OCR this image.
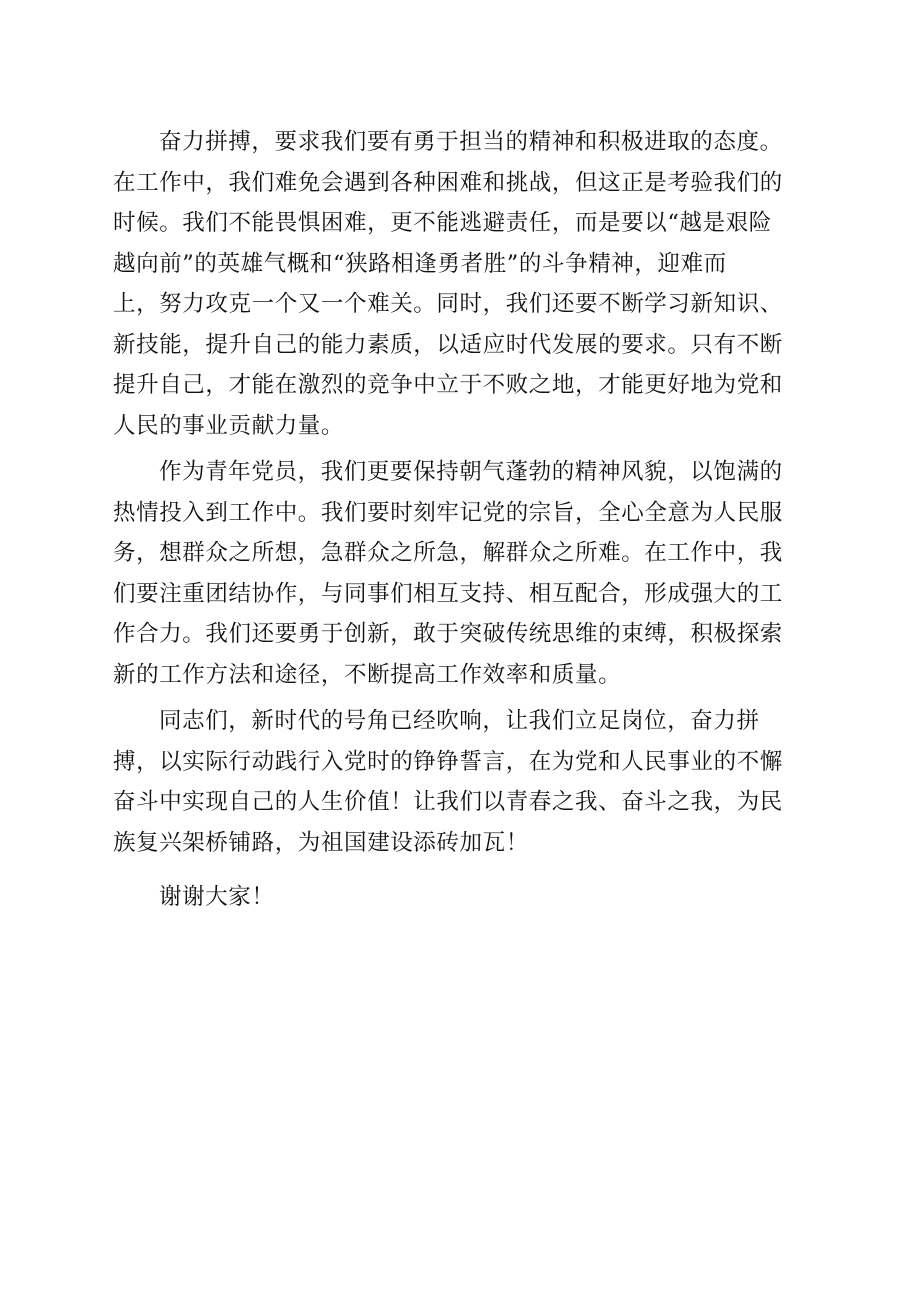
奋力拼搏，要求我们要有勇于担当的精神和积极进取的态度。
在工作中，我们难免会遇到各种困难和挑战，但这正是考验我们的
时候。我们不能畏惧困难，更不能逃避责任，而是要以“越是艰险
越向前”的英雄气概和“狭路相逢勇者胜”的斗争精神，迎难而
上，努力攻克一个又一个难关。同时，我们还要不断学习新知识、
新技能，提升自己的能力素质，以适应时代发展的要求。只有不断
提升自己，才能在激烈的竞争中立于不败之地，才能更好地为党和
人民的事业贡献力量。
作为青年党员，我们更要保持朝气蓬勃的精神风貌，以饱满的
热情投入到工作中。我们要时刻牢记党的宗旨，全心全意为人民服
务，想群众之所想，急群众之所急，解群众之所难。在工作中，我
们要注重团结协作，与同事们相互支持、相互配合，形成强大的工
作合力。我们还要勇于创新，敢于突破传统思维的束缚，积极探索
新的工作方法和途径，不断提高工作效率和质量。
同志们，新时代的号角已经吹响，让我们立足岗位，奋力拼
搏，以实际行动践行入党时的铮铮誓言，在为党和人民事业的不懈
奋斗中实现自己的人生价值！让我们以青春之我、奋斗之我，为民
族复兴架桥铺路，为祖国建设添砖加瓦！
谢谢大家！
